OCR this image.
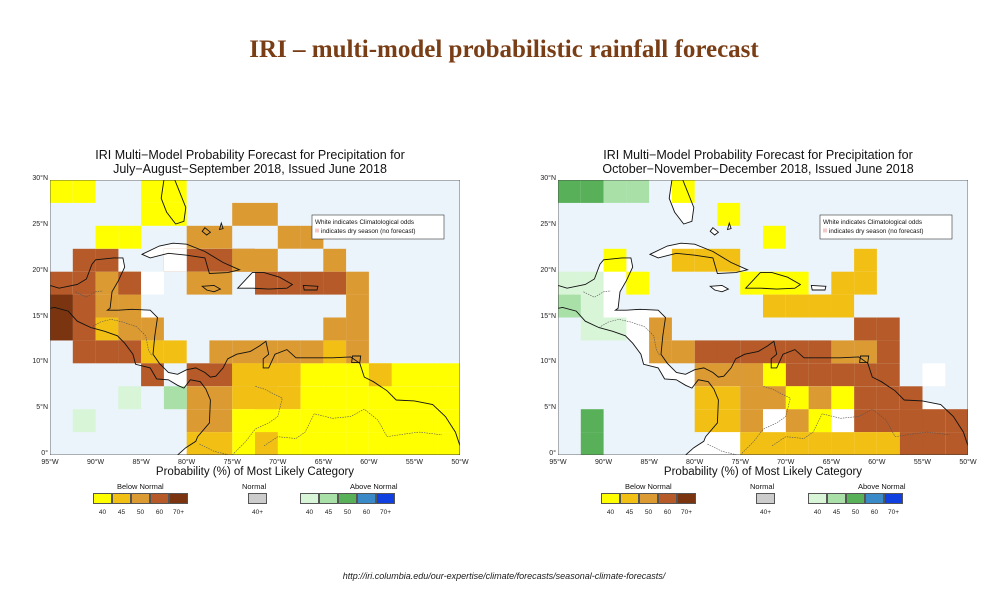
IRI – multi-model probabilistic rainfall forecast
IRI Multi−Model Probability Forecast for Precipitation for
July−August−September 2018, Issued June 2018
30°N
25°N
20°N
15°N
10°N
5°N
0°
White indicates Climatological odds
indicates dry season (no forecast)
95°W	90°W	85°W	80°W	75°W	70°W	65°W	60°W	55°W	50°W
Probability (%) of Most Likely Category
Below Normal	Normal	Above Normal
40	45	50	60	70+	40+	40	45	50	60	70+
IRI Multi−Model Probability Forecast for Precipitation for
October−November−December 2018, Issued June 2018
30°N
25°N
20°N
15°N
10°N
5°N
0°
White indicates Climatological odds
indicates dry season (no forecast)
95°W	90°W	85°W	80°W	75°W	70°W	65°W	60°W	55°W	50°W
Probability (%) of Most Likely Category
Below Normal	Normal	Above Normal
40	45	50	60	70+	40+	40	45	50	60	70+
http://iri.columbia.edu/our-expertise/climate/forecasts/seasonal-climate-forecasts/
